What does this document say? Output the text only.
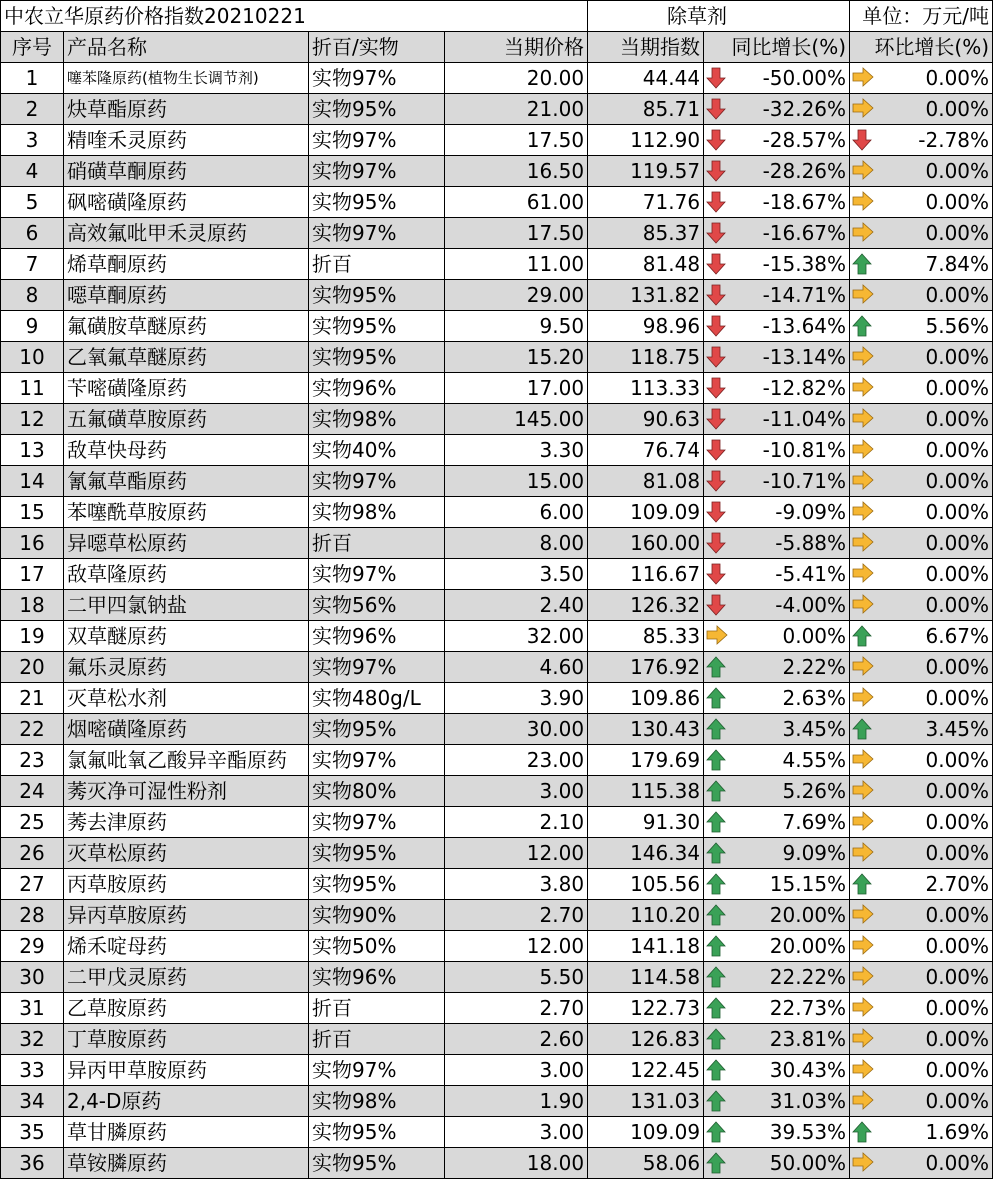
中农立华原药价格指数20210221				除草剂		单位：万元/吨
序号	产品名称	折百/实物	当期价格	当期指数	同比增长(%)	环比增长(%)
1	噻苯隆原药(植物生长调节剂)	实物97%	20.00	44.44	-50.00%	0.00%

2	炔草酯原药	实物95%	21.00	85.71	-32.26%	0.00%

3	精喹禾灵原药	实物97%	17.50	112.90	-28.57%	-2.78%

4	硝磺草酮原药	实物97%	16.50	119.57	-28.26%	0.00%

5	砜嘧磺隆原药	实物95%	61.00	71.76	-18.67%	0.00%

6	高效氟吡甲禾灵原药	实物97%	17.50	85.37	-16.67%	0.00%

7	烯草酮原药	折百	11.00	81.48	-15.38%	7.84%

8	噁草酮原药	实物95%	29.00	131.82	-14.71%	0.00%

9	氟磺胺草醚原药	实物95%	9.50	98.96	-13.64%	5.56%

10	乙氧氟草醚原药	实物95%	15.20	118.75	-13.14%	0.00%

11	苄嘧磺隆原药	实物96%	17.00	113.33	-12.82%	0.00%

12	五氟磺草胺原药	实物98%	145.00	90.63	-11.04%	0.00%

13	敌草快母药	实物40%	3.30	76.74	-10.81%	0.00%

14	氰氟草酯原药	实物97%	15.00	81.08	-10.71%	0.00%

15	苯噻酰草胺原药	实物98%	6.00	109.09	-9.09%	0.00%

16	异噁草松原药	折百	8.00	160.00	-5.88%	0.00%

17	敌草隆原药	实物97%	3.50	116.67	-5.41%	0.00%

18	二甲四氯钠盐	实物56%	2.40	126.32	-4.00%	0.00%

19	双草醚原药	实物96%	32.00	85.33	0.00%	6.67%

20	氟乐灵原药	实物97%	4.60	176.92	2.22%	0.00%

21	灭草松水剂	实物480g/L	3.90	109.86	2.63%	0.00%

22	烟嘧磺隆原药	实物95%	30.00	130.43	3.45%	3.45%

23	氯氟吡氧乙酸异辛酯原药	实物97%	23.00	179.69	4.55%	0.00%

24	莠灭净可湿性粉剂	实物80%	3.00	115.38	5.26%	0.00%

25	莠去津原药	实物97%	2.10	91.30	7.69%	0.00%

26	灭草松原药	实物95%	12.00	146.34	9.09%	0.00%

27	丙草胺原药	实物95%	3.80	105.56	15.15%	2.70%

28	异丙草胺原药	实物90%	2.70	110.20	20.00%	0.00%

29	烯禾啶母药	实物50%	12.00	141.18	20.00%	0.00%

30	二甲戊灵原药	实物96%	5.50	114.58	22.22%	0.00%

31	乙草胺原药	折百	2.70	122.73	22.73%	0.00%

32	丁草胺原药	折百	2.60	126.83	23.81%	0.00%

33	异丙甲草胺原药	实物97%	3.00	122.45	30.43%	0.00%

34	2,4-D原药	实物98%	1.90	131.03	31.03%	0.00%

35	草甘膦原药	实物95%	3.00	109.09	39.53%	1.69%

36	草铵膦原药	实物95%	18.00	58.06	50.00%	0.00%
